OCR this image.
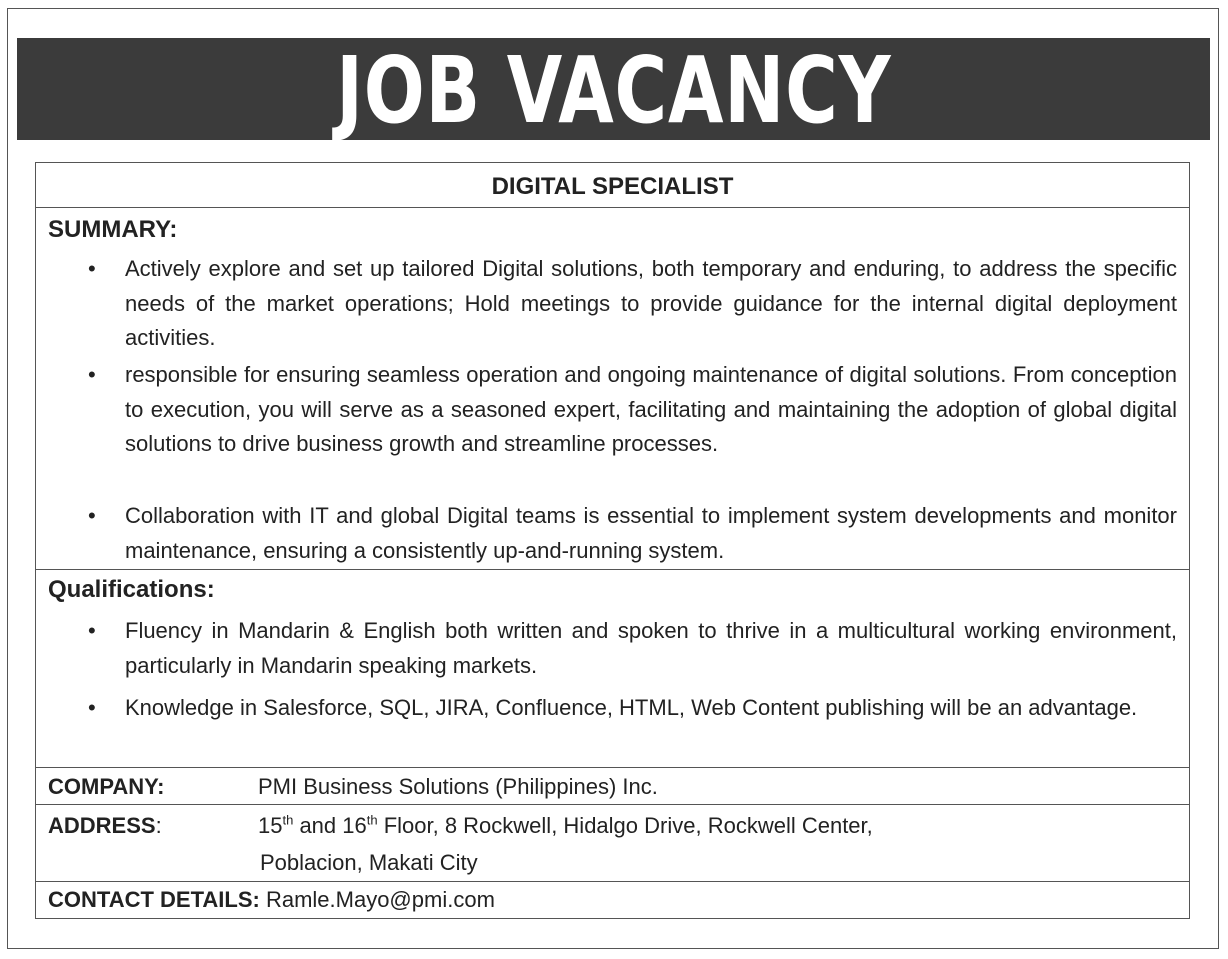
JOB VACANCY
DIGITAL SPECIALIST
SUMMARY:
• Actively explore and set up tailored Digital solutions, both temporary and enduring, to address the specific needs of the market operations; Hold meetings to provide guidance for the internal digital deployment activities.
• responsible for ensuring seamless operation and ongoing maintenance of digital solutions. From conception to execution, you will serve as a seasoned expert, facilitating and maintaining the adoption of global digital solutions to drive business growth and streamline processes.
• Collaboration with IT and global Digital teams is essential to implement system developments and monitor maintenance, ensuring a consistently up-and-running system.
Qualifications:
• Fluency in Mandarin & English both written and spoken to thrive in a multicultural working environment, particularly in Mandarin speaking markets.
• Knowledge in Salesforce, SQL, JIRA, Confluence, HTML, Web Content publishing will be an advantage.
COMPANY:	PMI Business Solutions (Philippines) Inc.
ADDRESS:	15th and 16th Floor, 8 Rockwell, Hidalgo Drive, Rockwell Center,
Poblacion, Makati City
CONTACT DETAILS: Ramle.Mayo@pmi.com
